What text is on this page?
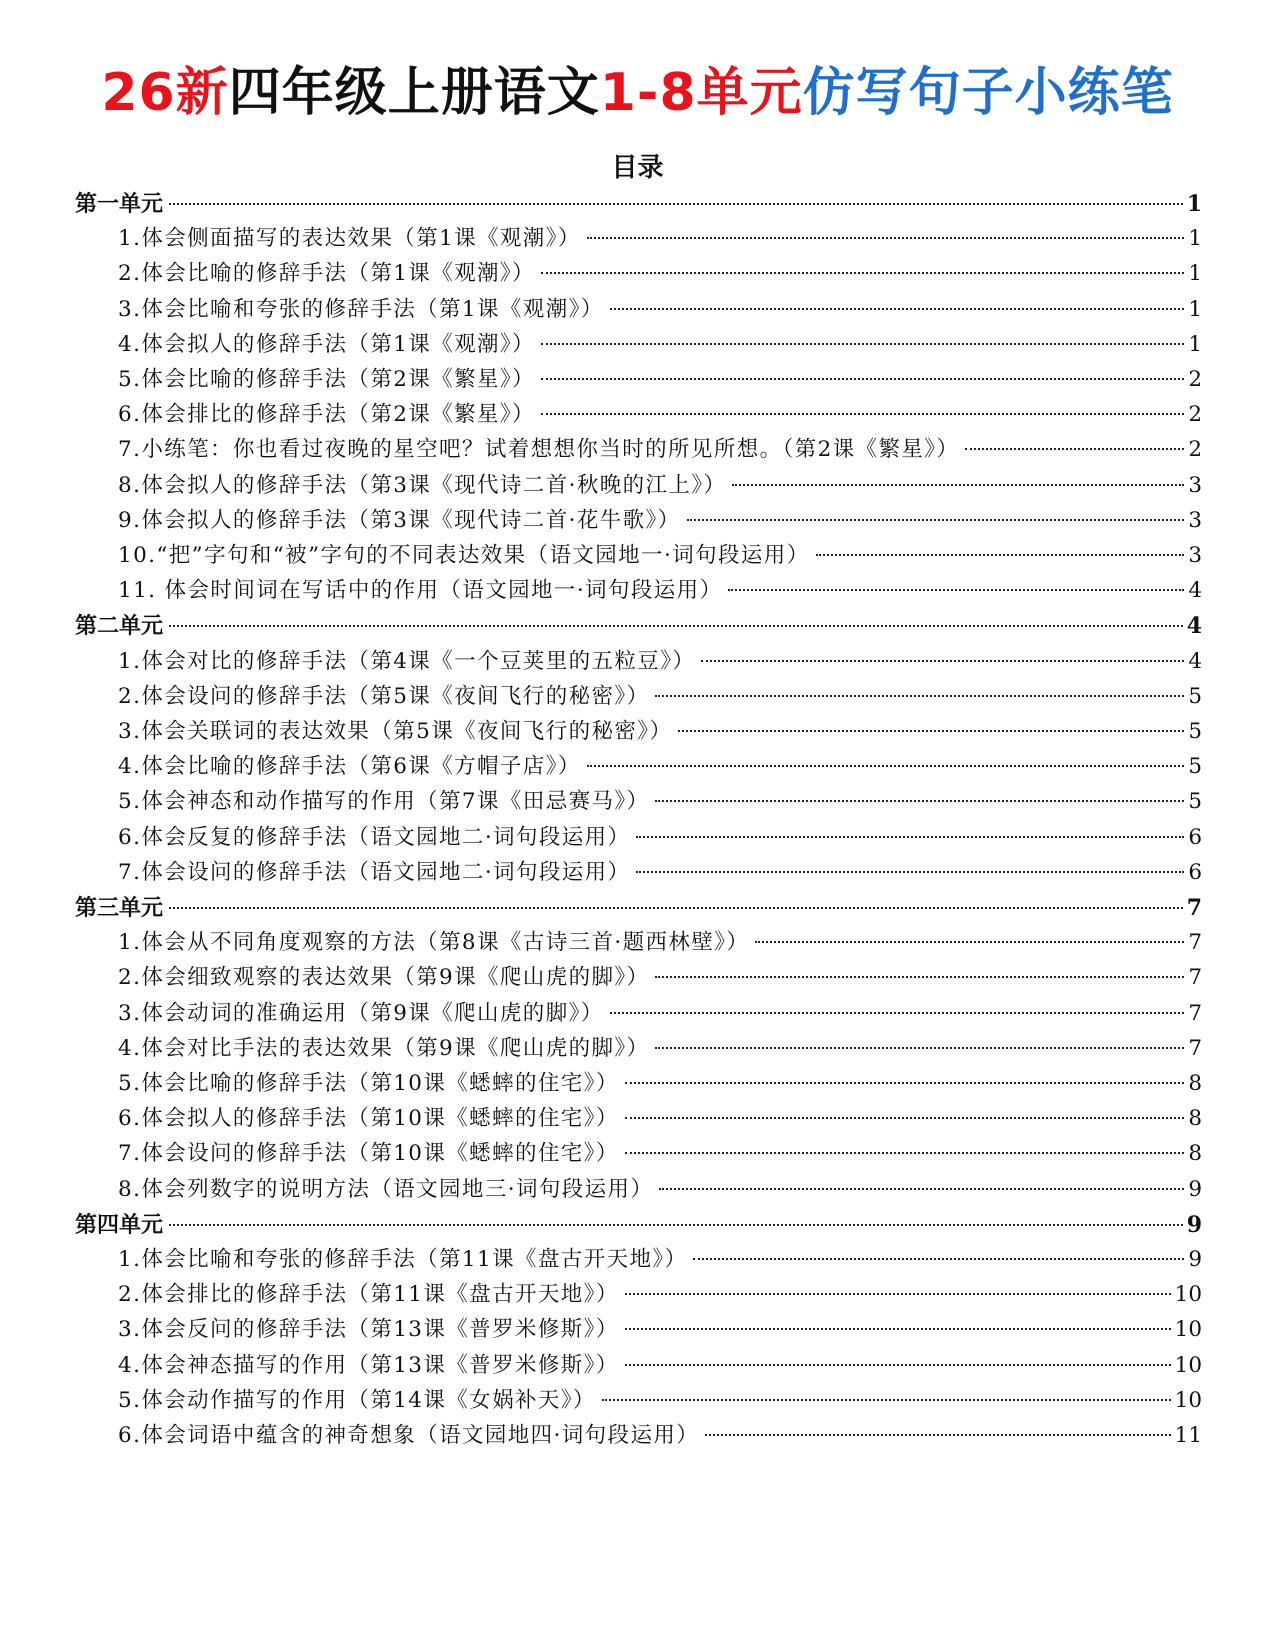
26新四年级上册语文1-8单元仿写句子小练笔
目录
第一单元	1
1.体会侧面描写的表达效果（第1课《观潮》）	1
2.体会比喻的修辞手法（第1课《观潮》）	1
3.体会比喻和夸张的修辞手法（第1课《观潮》）	1
4.体会拟人的修辞手法（第1课《观潮》）	1
5.体会比喻的修辞手法（第2课《繁星》）	2
6.体会排比的修辞手法（第2课《繁星》）	2
7.小练笔：你也看过夜晚的星空吧？试着想想你当时的所见所想。（第2课《繁星》）	2
8.体会拟人的修辞手法（第3课《现代诗二首·秋晚的江上》）	3
9.体会拟人的修辞手法（第3课《现代诗二首·花牛歌》）	3
10.“把”字句和“被”字句的不同表达效果（语文园地一·词句段运用）	3
11. 体会时间词在写话中的作用（语文园地一·词句段运用）	4
第二单元	4
1.体会对比的修辞手法（第4课《一个豆荚里的五粒豆》）	4
2.体会设问的修辞手法（第5课《夜间飞行的秘密》）	5
3.体会关联词的表达效果（第5课《夜间飞行的秘密》）	5
4.体会比喻的修辞手法（第6课《方帽子店》）	5
5.体会神态和动作描写的作用（第7课《田忌赛马》）	5
6.体会反复的修辞手法（语文园地二·词句段运用）	6
7.体会设问的修辞手法（语文园地二·词句段运用）	6
第三单元	7
1.体会从不同角度观察的方法（第8课《古诗三首·题西林壁》）	7
2.体会细致观察的表达效果（第9课《爬山虎的脚》）	7
3.体会动词的准确运用（第9课《爬山虎的脚》）	7
4.体会对比手法的表达效果（第9课《爬山虎的脚》）	7
5.体会比喻的修辞手法（第10课《蟋蟀的住宅》）	8
6.体会拟人的修辞手法（第10课《蟋蟀的住宅》）	8
7.体会设问的修辞手法（第10课《蟋蟀的住宅》）	8
8.体会列数字的说明方法（语文园地三·词句段运用）	9
第四单元	9
1.体会比喻和夸张的修辞手法（第11课《盘古开天地》）	9
2.体会排比的修辞手法（第11课《盘古开天地》）	10
3.体会反问的修辞手法（第13课《普罗米修斯》）	10
4.体会神态描写的作用（第13课《普罗米修斯》）	10
5.体会动作描写的作用（第14课《女娲补天》）	10
6.体会词语中蕴含的神奇想象（语文园地四·词句段运用）	11
